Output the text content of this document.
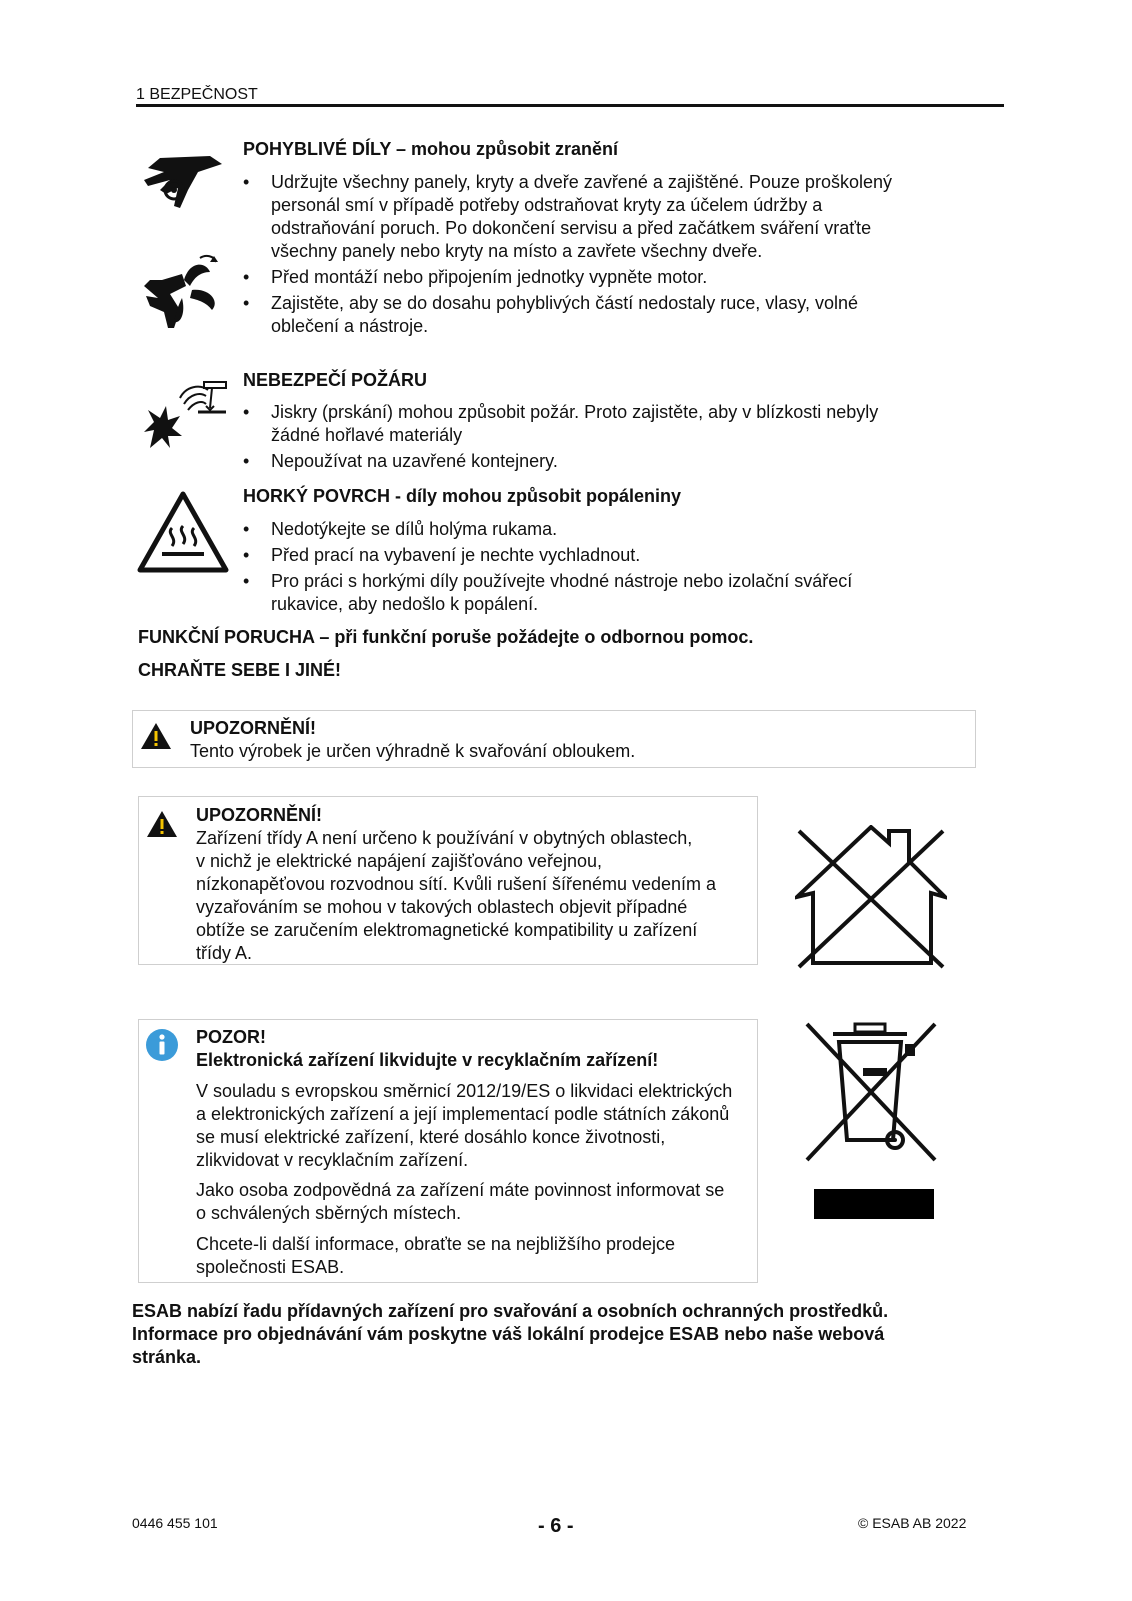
1 BEZPEČNOST
POHYBLIVÉ DÍLY – mohou způsobit zranění
• Udržujte všechny panely, kryty a dveře zavřené a zajištěné. Pouze proškolený personál smí v případě potřeby odstraňovat kryty za účelem údržby a odstraňování poruch. Po dokončení servisu a před začátkem sváření vraťte všechny panely nebo kryty na místo a zavřete všechny dveře.
• Před montáží nebo připojením jednotky vypněte motor.
• Zajistěte, aby se do dosahu pohyblivých částí nedostaly ruce, vlasy, volné oblečení a nástroje.
NEBEZPEČÍ POŽÁRU
• Jiskry (prskání) mohou způsobit požár. Proto zajistěte, aby v blízkosti nebyly žádné hořlavé materiály
• Nepoužívat na uzavřené kontejnery.
HORKÝ POVRCH - díly mohou způsobit popáleniny
• Nedotýkejte se dílů holýma rukama.
• Před prací na vybavení je nechte vychladnout.
• Pro práci s horkými díly používejte vhodné nástroje nebo izolační svářecí rukavice, aby nedošlo k popálení.
FUNKČNÍ PORUCHA – při funkční poruše požádejte o odbornou pomoc.
CHRAŇTE SEBE I JINÉ!
UPOZORNĚNÍ!
Tento výrobek je určen výhradně k svařování obloukem.
UPOZORNĚNÍ!
Zařízení třídy A není určeno k používání v obytných oblastech,
v nichž je elektrické napájení zajišťováno veřejnou,
nízkonapěťovou rozvodnou sítí. Kvůli rušení šířenému vedením a
vyzařováním se mohou v takových oblastech objevit případné
obtíže se zaručením elektromagnetické kompatibility u zařízení
třídy A.
POZOR!
Elektronická zařízení likvidujte v recyklačním zařízení!
V souladu s evropskou směrnicí 2012/19/ES o likvidaci elektrických
a elektronických zařízení a její implementací podle státních zákonů
se musí elektrické zařízení, které dosáhlo konce životnosti,
zlikvidovat v recyklačním zařízení.
Jako osoba zodpovědná za zařízení máte povinnost informovat se
o schválených sběrných místech.
Chcete-li další informace, obraťte se na nejbližšího prodejce
společnosti ESAB.
ESAB nabízí řadu přídavných zařízení pro svařování a osobních ochranných prostředků.
Informace pro objednávání vám poskytne váš lokální prodejce ESAB nebo naše webová
stránka.
0446 455 101	- 6 -	© ESAB AB 2022
